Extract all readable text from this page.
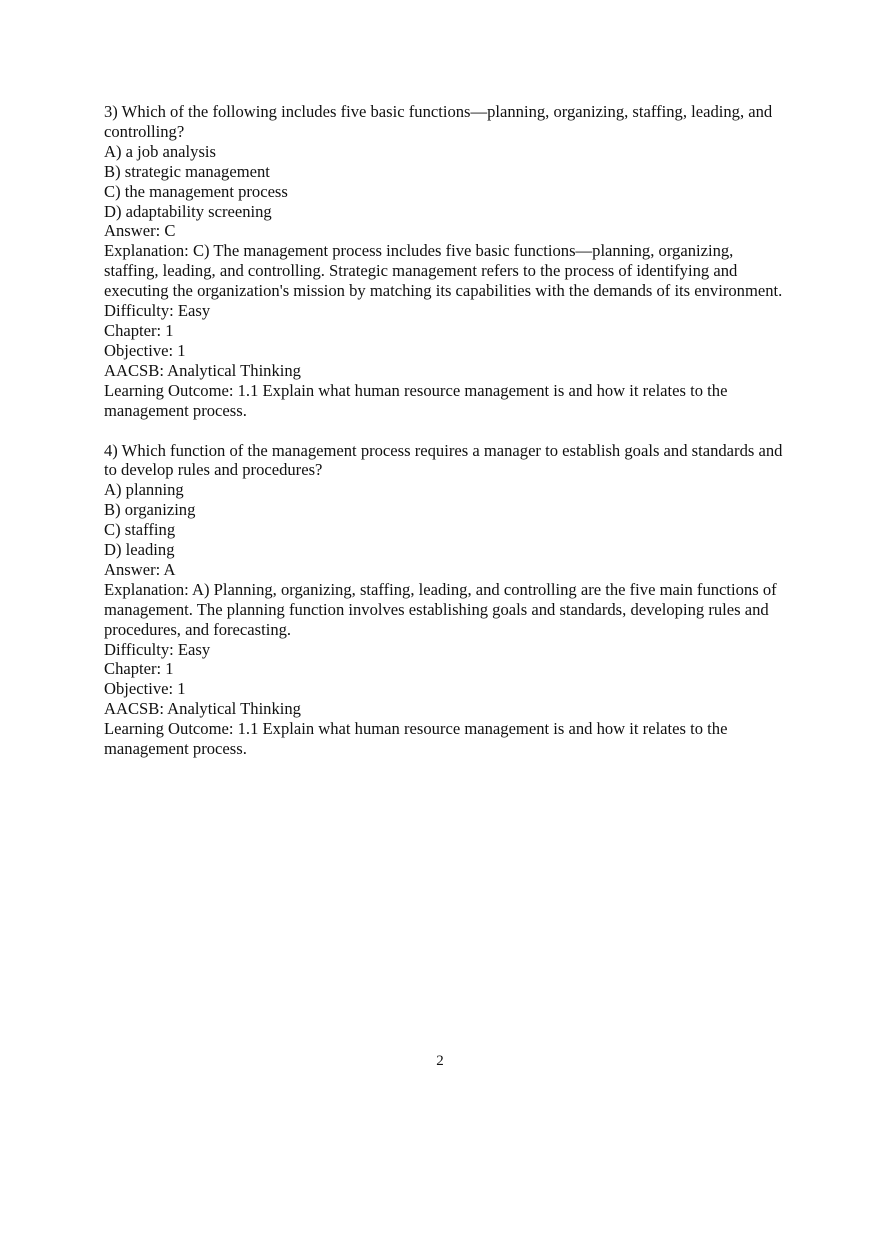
3) Which of the following includes five basic functions—planning, organizing, staffing, leading, and controlling?
A) a job analysis
B) strategic management
C) the management process
D) adaptability screening
Answer: C
Explanation: C) The management process includes five basic functions—planning, organizing, staffing, leading, and controlling. Strategic management refers to the process of identifying and executing the organization's mission by matching its capabilities with the demands of its environment.
Difficulty: Easy
Chapter: 1
Objective: 1
AACSB: Analytical Thinking
Learning Outcome: 1.1 Explain what human resource management is and how it relates to the management process.
4) Which function of the management process requires a manager to establish goals and standards and to develop rules and procedures?
A) planning
B) organizing
C) staffing
D) leading
Answer: A
Explanation: A) Planning, organizing, staffing, leading, and controlling are the five main functions of management. The planning function involves establishing goals and standards, developing rules and procedures, and forecasting.
Difficulty: Easy
Chapter: 1
Objective: 1
AACSB: Analytical Thinking
Learning Outcome: 1.1 Explain what human resource management is and how it relates to the management process.
2
